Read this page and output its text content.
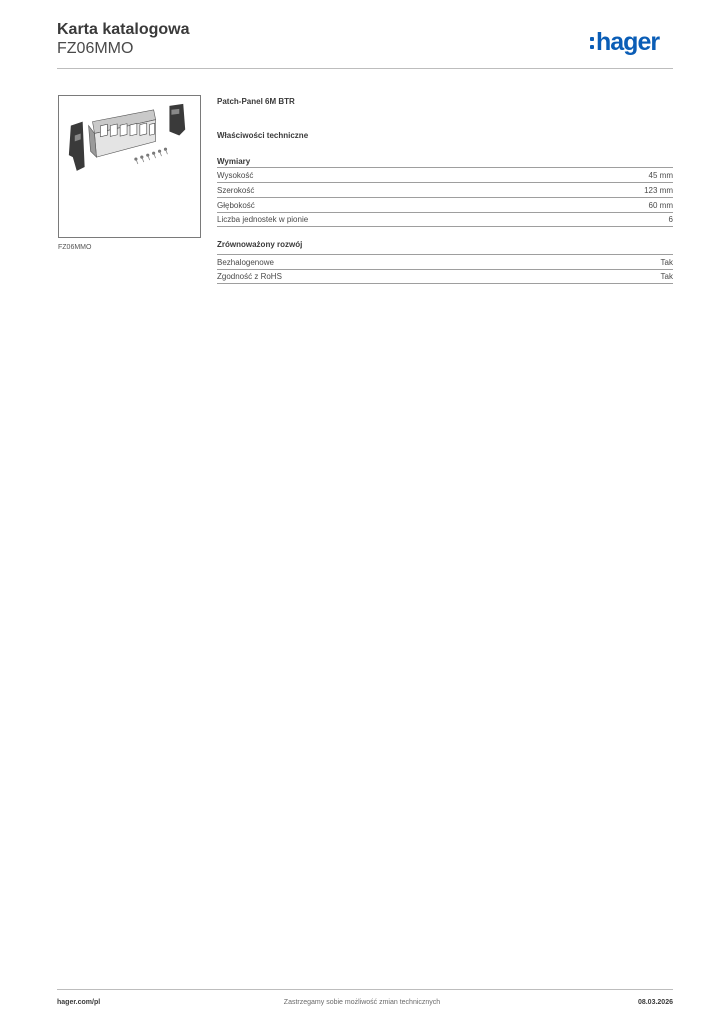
Karta katalogowa
FZ06MMO	hager
FZ06MMO
Patch-Panel 6M BTR
Właściwości techniczne
Wymiary
Wysokość	45 mm
Szerokość	123 mm
Głębokość	60 mm
Liczba jednostek w pionie	6
Zrównoważony rozwój
Bezhalogenowe	Tak
Zgodność z RoHS	Tak
hager.com/pl	Zastrzegamy sobie możliwość zmian technicznych	08.03.2026
